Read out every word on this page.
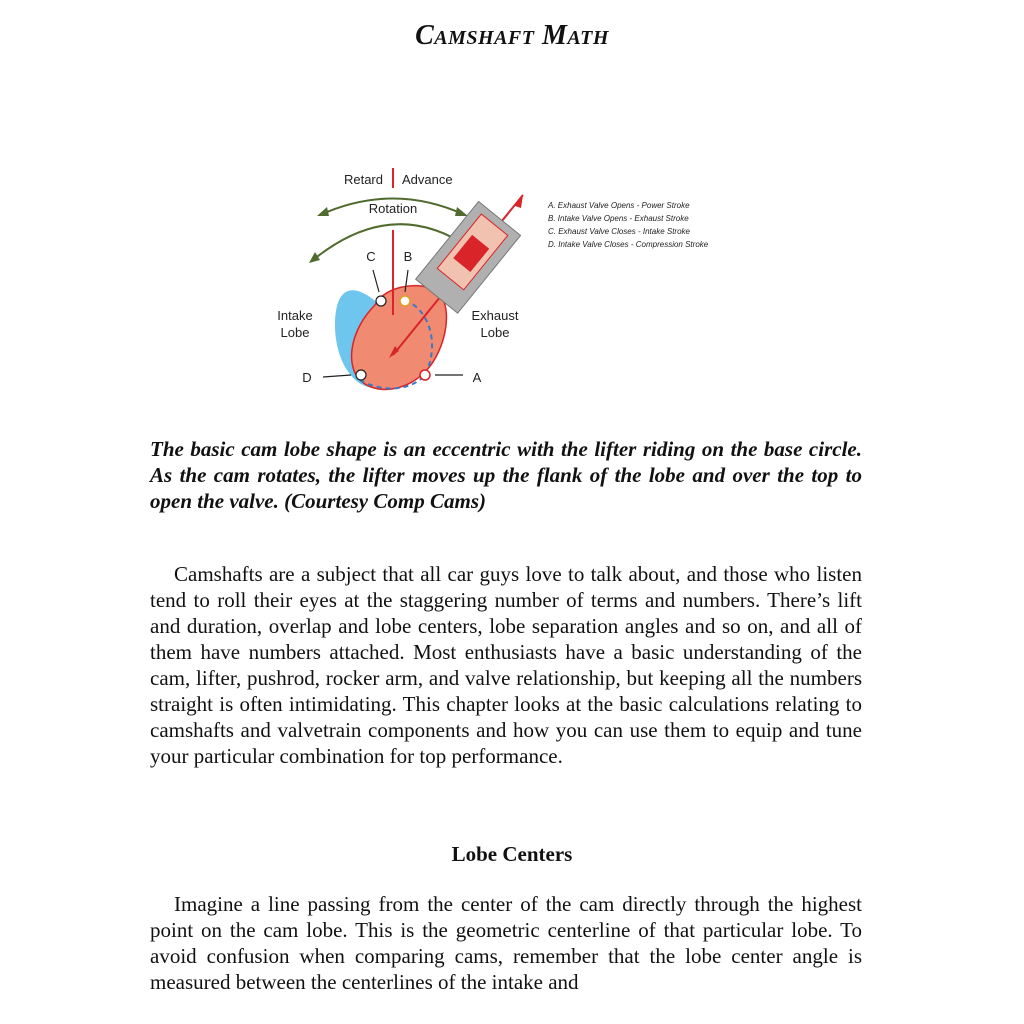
Camshaft Math
Retard Advance
Rotation
C B
D	A
Intake
Lobe
Exhaust
Lobe
A. Exhaust Valve Opens - Power Stroke
B. Intake Valve Opens - Exhaust Stroke
C. Exhaust Valve Closes - Intake Stroke
D. Intake Valve Closes - Compression Stroke
The basic cam lobe shape is an eccentric with the lifter riding on the base circle. As the cam rotates, the lifter moves up the flank of the lobe and over the top to open the valve. (Courtesy Comp Cams)

Camshafts are a subject that all car guys love to talk about, and those who listen tend to roll their eyes at the staggering number of terms and numbers. There’s lift and duration, overlap and lobe centers, lobe separation angles and so on, and all of them have numbers attached. Most enthusiasts have a basic understanding of the cam, lifter, pushrod, rocker arm, and valve relationship, but keeping all the numbers straight is often intimidating. This chapter looks at the basic calculations relating to camshafts and valvetrain components and how you can use them to equip and tune your particular combination for top performance.

Lobe Centers

Imagine a line passing from the center of the cam directly through the highest point on the cam lobe. This is the geometric centerline of that particular lobe. To avoid confusion when comparing cams, remember that the lobe center angle is measured between the centerlines of the intake and
